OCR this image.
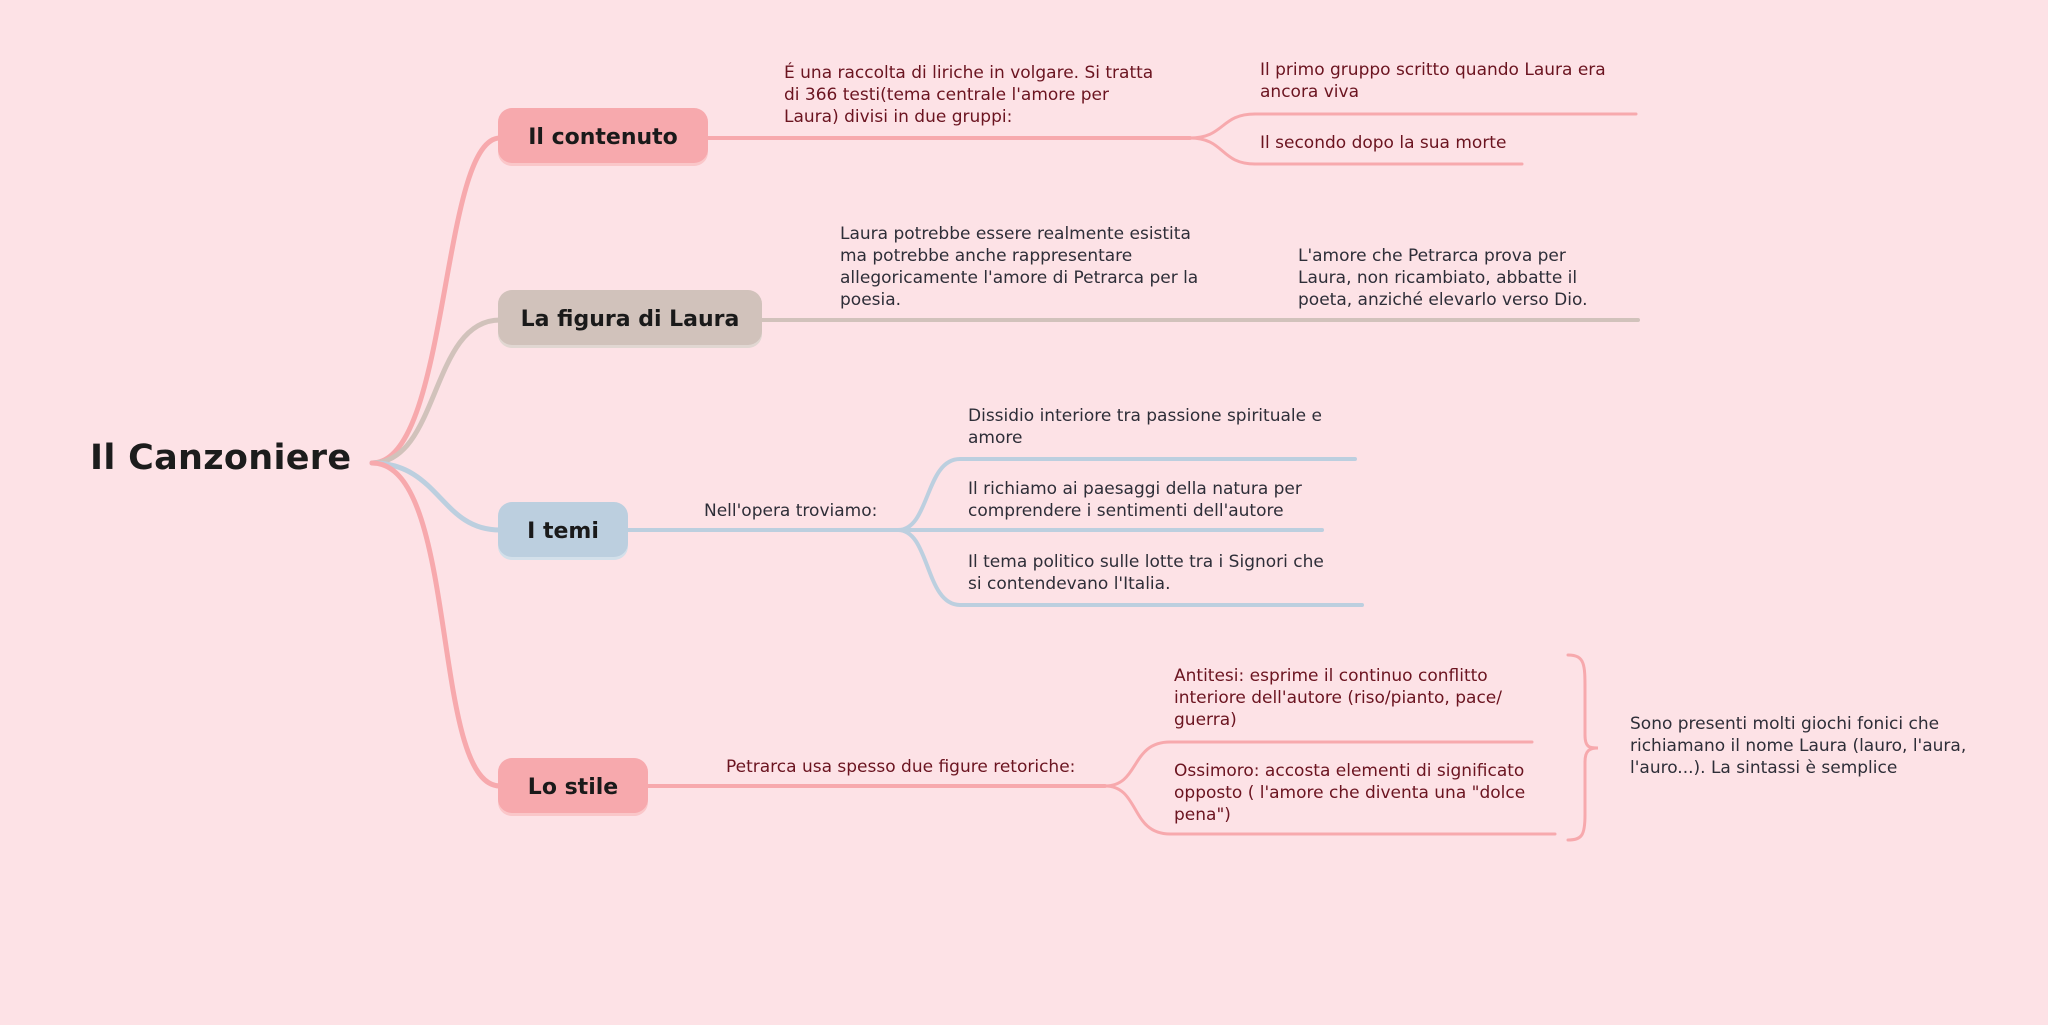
Il Canzoniere
Il contenuto
La figura di Laura
I temi
Lo stile
É una raccolta di liriche in volgare. Si tratta
di 366 testi(tema centrale l'amore per
Laura) divisi in due gruppi:
Il primo gruppo scritto quando Laura era
ancora viva
Il secondo dopo la sua morte
Laura potrebbe essere realmente esistita
ma potrebbe anche rappresentare
allegoricamente l'amore di Petrarca per la
poesia.
L'amore che Petrarca prova per
Laura, non ricambiato, abbatte il
poeta, anziché elevarlo verso Dio.
Nell'opera troviamo:
Dissidio interiore tra passione spirituale e
amore
Il richiamo ai paesaggi della natura per
comprendere i sentimenti dell'autore
Il tema politico sulle lotte tra i Signori che
si contendevano l'Italia.
Petrarca usa spesso due figure retoriche:
Antitesi: esprime il continuo conflitto
interiore dell'autore (riso/pianto, pace/
guerra)
Ossimoro: accosta elementi di significato
opposto ( l'amore che diventa una "dolce
pena")
Sono presenti molti giochi fonici che
richiamano il nome Laura (lauro, l'aura,
l'auro...). La sintassi è semplice
